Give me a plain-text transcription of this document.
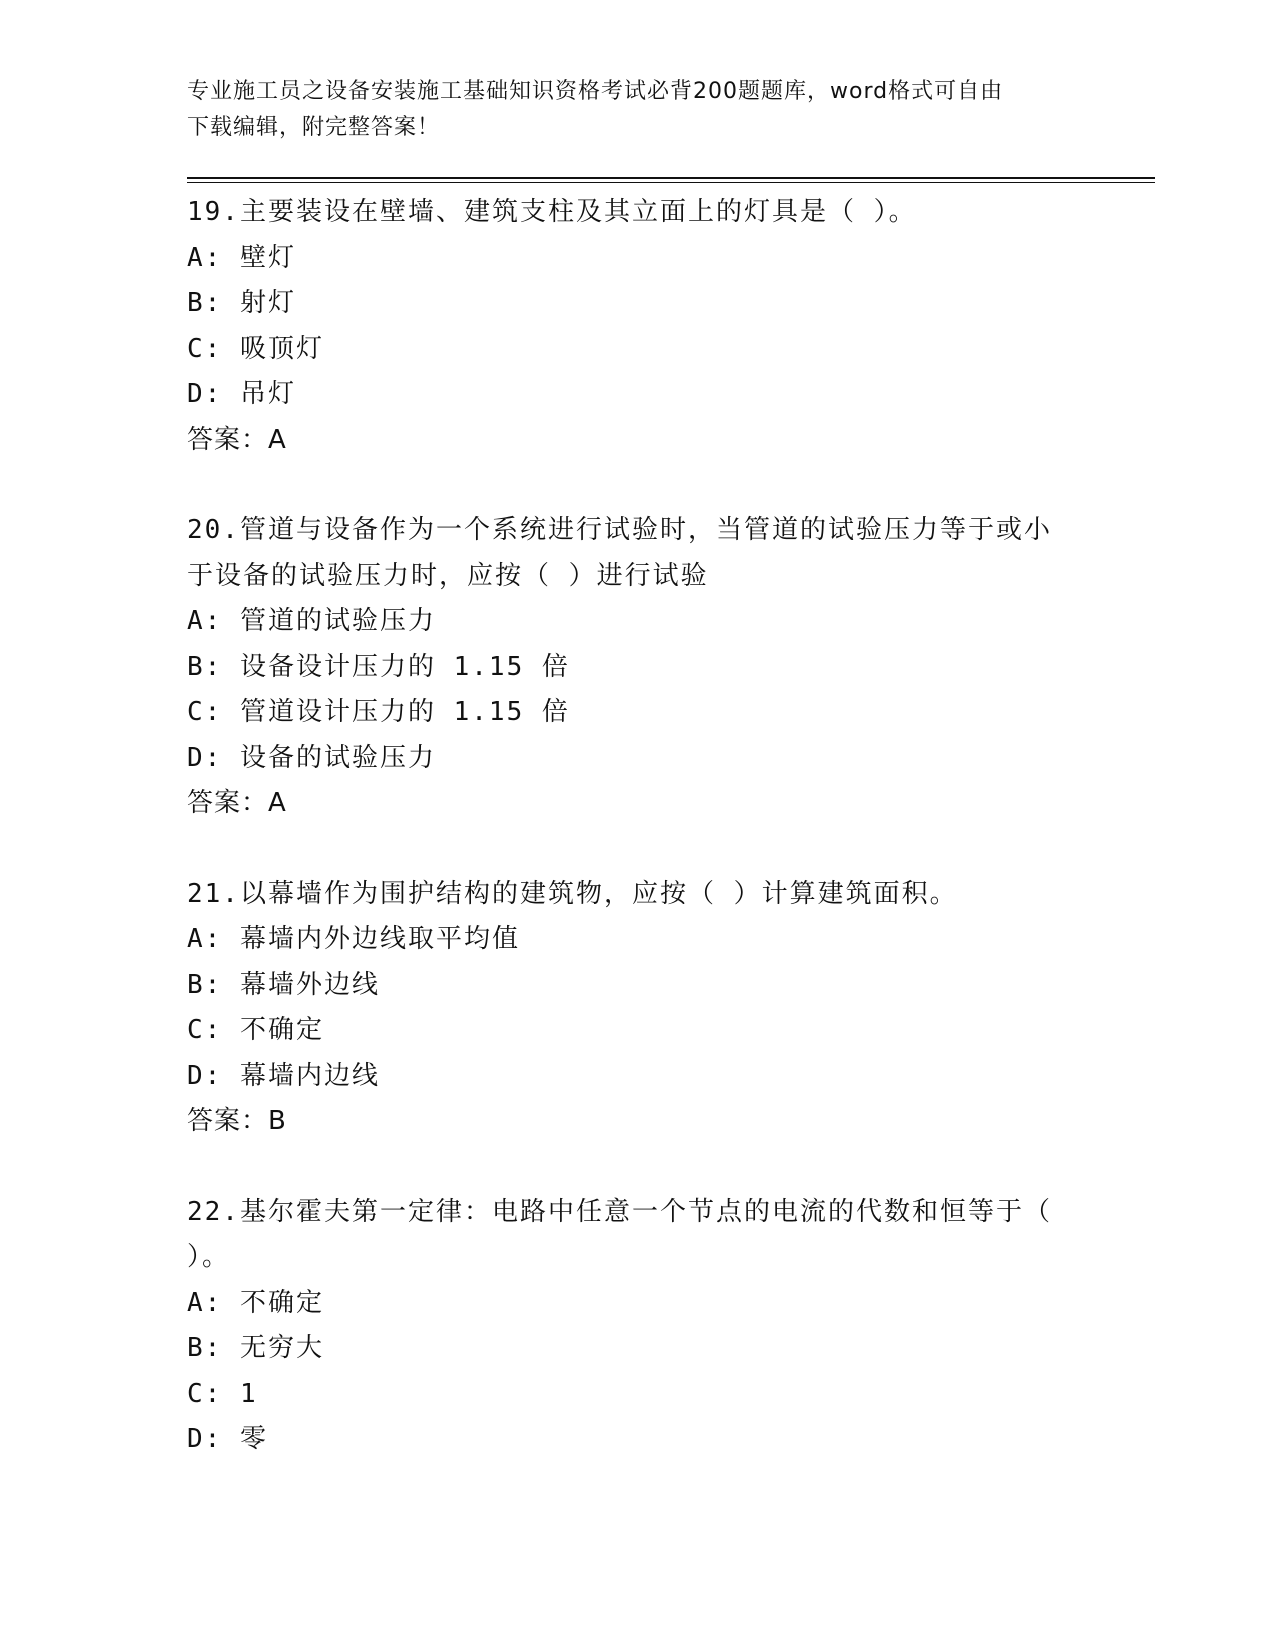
专业施工员之设备安装施工基础知识资格考试必背200题题库，word格式可自由
下载编辑，附完整答案！
19.主要装设在壁墙、建筑支柱及其立面上的灯具是（ ）。
A: 壁灯
B: 射灯
C: 吸顶灯
D: 吊灯
答案：A
20.管道与设备作为一个系统进行试验时，当管道的试验压力等于或小
于设备的试验压力时，应按（ ）进行试验
A: 管道的试验压力
B: 设备设计压力的 1.15 倍
C: 管道设计压力的 1.15 倍
D: 设备的试验压力
答案：A
21.以幕墙作为围护结构的建筑物，应按（ ）计算建筑面积。
A: 幕墙内外边线取平均值
B: 幕墙外边线
C: 不确定
D: 幕墙内边线
答案：B
22.基尔霍夫第一定律：电路中任意一个节点的电流的代数和恒等于（
）。
A: 不确定
B: 无穷大
C: 1
D: 零
